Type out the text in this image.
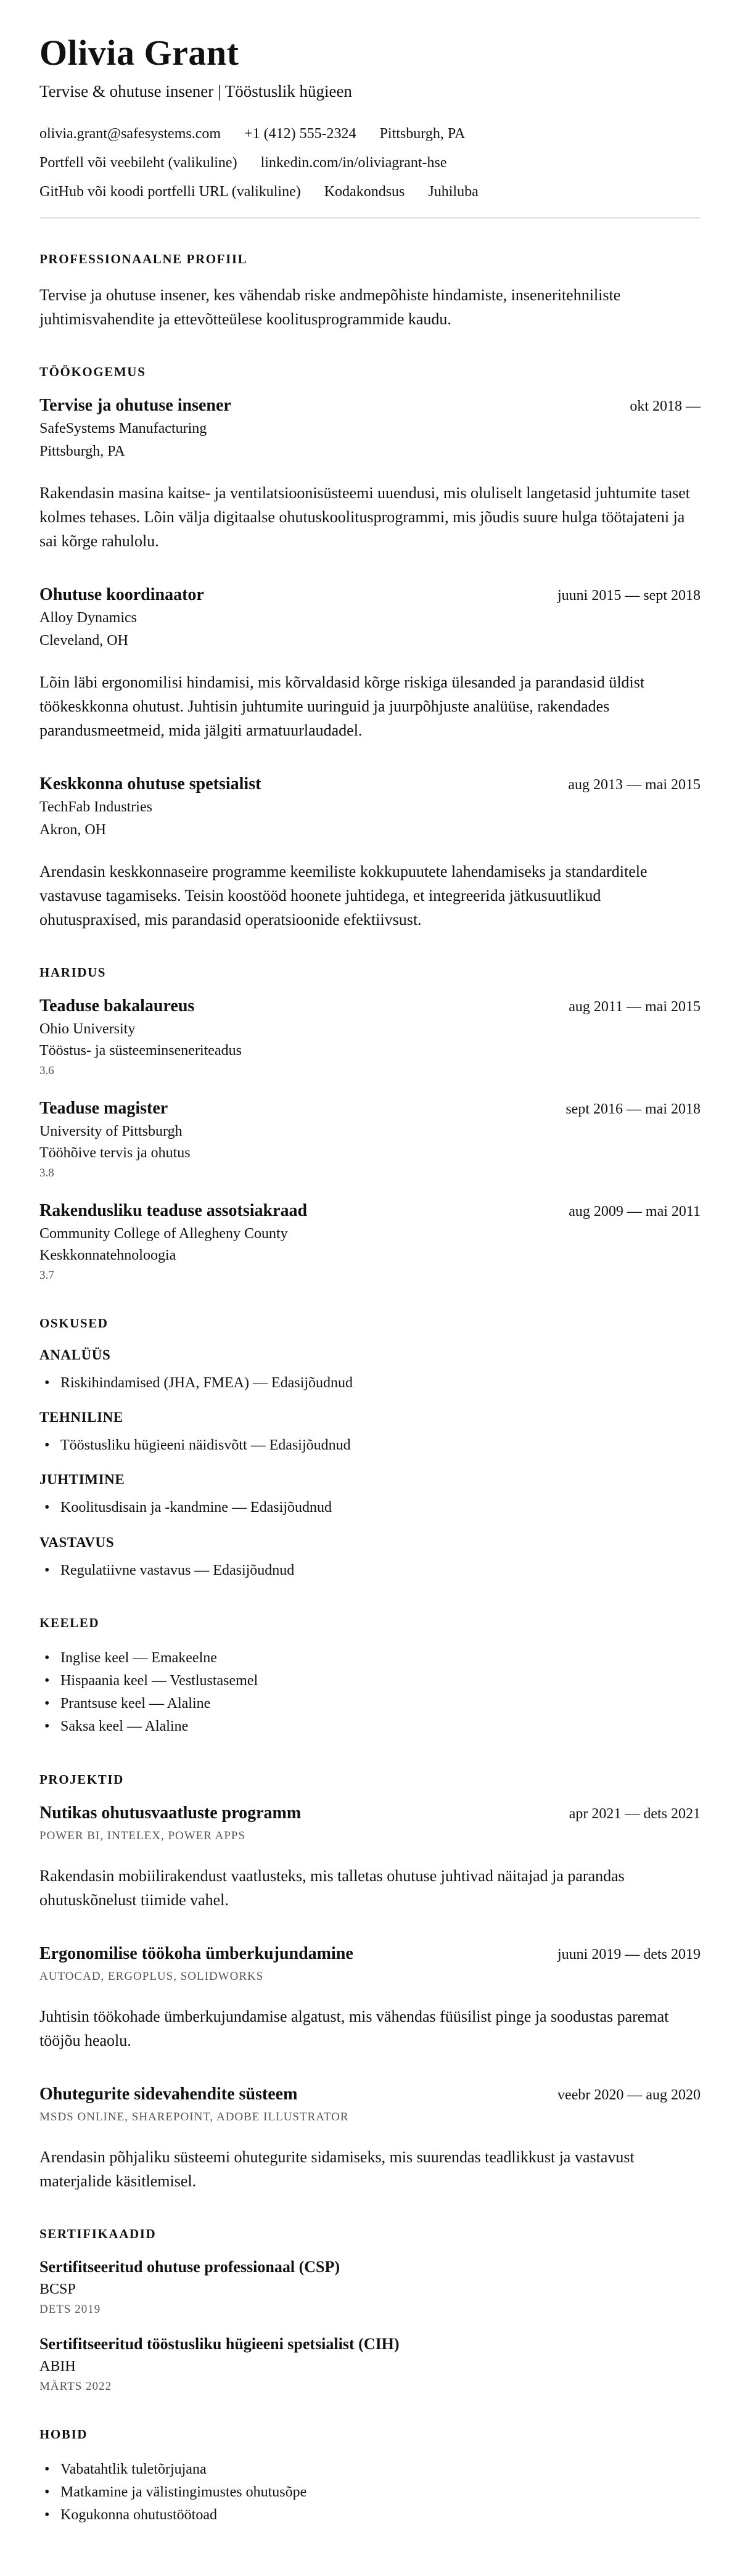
Olivia Grant
Tervise & ohutuse insener | Tööstuslik hügieen
olivia.grant@safesystems.com +1 (412) 555-2324 Pittsburgh, PA
Portfell või veebileht (valikuline) linkedin.com/in/oliviagrant-hse
GitHub või koodi portfelli URL (valikuline) Kodakondsus Juhiluba
PROFESSIONAALNE PROFIIL

Tervise ja ohutuse insener, kes vähendab riske andmepõhiste hindamiste, inseneritehniliste juhtimisvahendite ja ettevõtteülese koolitusprogrammide kaudu.

TÖÖKOGEMUS
Tervise ja ohutuse insener	okt 2018 —
SafeSystems Manufacturing
Pittsburgh, PA

Rakendasin masina kaitse- ja ventilatsioonisüsteemi uuendusi, mis oluliselt langetasid juhtumite taset kolmes tehases. Lõin välja digitaalse ohutuskoolitusprogrammi, mis jõudis suure hulga töötajateni ja sai kõrge rahulolu.

Ohutuse koordinaator	juuni 2015 — sept 2018
Alloy Dynamics
Cleveland, OH

Lõin läbi ergonomilisi hindamisi, mis kõrvaldasid kõrge riskiga ülesanded ja parandasid üldist töökeskkonna ohutust. Juhtisin juhtumite uuringuid ja juurpõhjuste analüüse, rakendades parandusmeetmeid, mida jälgiti armatuurlaudadel.

Keskkonna ohutuse spetsialist	aug 2013 — mai 2015
TechFab Industries
Akron, OH

Arendasin keskkonnaseire programme keemiliste kokkupuutete lahendamiseks ja standarditele vastavuse tagamiseks. Teisin koostööd hoonete juhtidega, et integreerida jätkusuutlikud ohutuspraxised, mis parandasid operatsioonide efektiivsust.

HARIDUS
Teaduse bakalaureus	aug 2011 — mai 2015
Ohio University
Tööstus- ja süsteeminseneriteadus
3.6
Teaduse magister	sept 2016 — mai 2018
University of Pittsburgh
Tööhõive tervis ja ohutus
3.8
Rakendusliku teaduse assotsiakraad	aug 2009 — mai 2011
Community College of Allegheny County
Keskkonnatehnoloogia
3.7
OSKUSED
ANALÜÜS
• Riskihindamised (JHA, FMEA) — Edasijõudnud
TEHNILINE
• Tööstusliku hügieeni näidisvõtt — Edasijõudnud
JUHTIMINE
• Koolitusdisain ja -kandmine — Edasijõudnud
VASTAVUS
• Regulatiivne vastavus — Edasijõudnud
KEELED
• Inglise keel — Emakeelne
• Hispaania keel — Vestlustasemel
• Prantsuse keel — Alaline
• Saksa keel — Alaline
PROJEKTID
Nutikas ohutusvaatluste programm	apr 2021 — dets 2021
POWER BI, INTELEX, POWER APPS

Rakendasin mobiilirakendust vaatlusteks, mis talletas ohutuse juhtivad näitajad ja parandas ohutuskõnelust tiimide vahel.

Ergonomilise töökoha ümberkujundamine	juuni 2019 — dets 2019
AUTOCAD, ERGOPLUS, SOLIDWORKS

Juhtisin töökohade ümberkujundamise algatust, mis vähendas füüsilist pinge ja soodustas paremat tööjõu heaolu.

Ohutegurite sidevahendite süsteem	veebr 2020 — aug 2020
MSDS ONLINE, SHAREPOINT, ADOBE ILLUSTRATOR

Arendasin põhjaliku süsteemi ohutegurite sidamiseks, mis suurendas teadlikkust ja vastavust materjalide käsitlemisel.

SERTIFIKAADID
Sertifitseeritud ohutuse professionaal (CSP)
BCSP
DETS 2019
Sertifitseeritud tööstusliku hügieeni spetsialist (CIH)
ABIH
MÄRTS 2022
HOBID
• Vabatahtlik tuletõrjujana
• Matkamine ja välistingimustes ohutusõpe
• Kogukonna ohutustöötoad
